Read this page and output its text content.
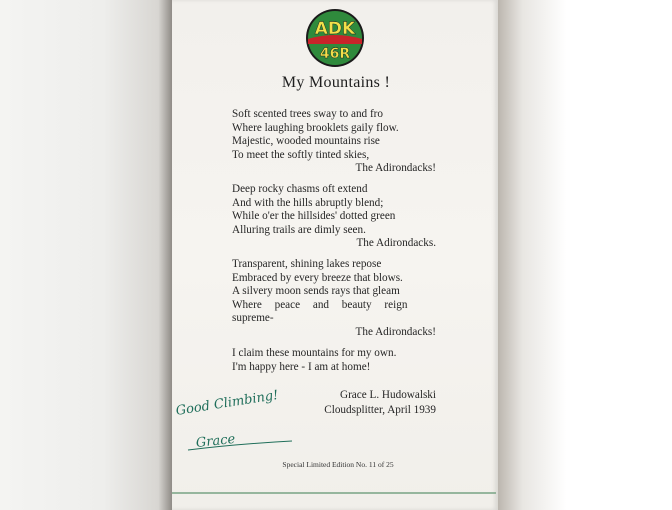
ADK
46R
My Mountains !
Soft scented trees sway to and fro
Where laughing brooklets gaily flow.
Majestic, wooded mountains rise
To meet the softly tinted skies,
The Adirondacks!
Deep rocky chasms oft extend
And with the hills abruptly blend;
While o'er the hillsides' dotted green
Alluring trails are dimly seen.
The Adirondacks.
Transparent, shining lakes repose
Embraced by every breeze that blows.
A silvery moon sends rays that gleam
Where peace and beauty reign
supreme-
The Adirondacks!
I claim these mountains for my own.
I'm happy here - I am at home!
Grace L. Hudowalski
Cloudsplitter, April 1939
Good Climbing!
Grace
Special Limited Edition No. 11 of 25
